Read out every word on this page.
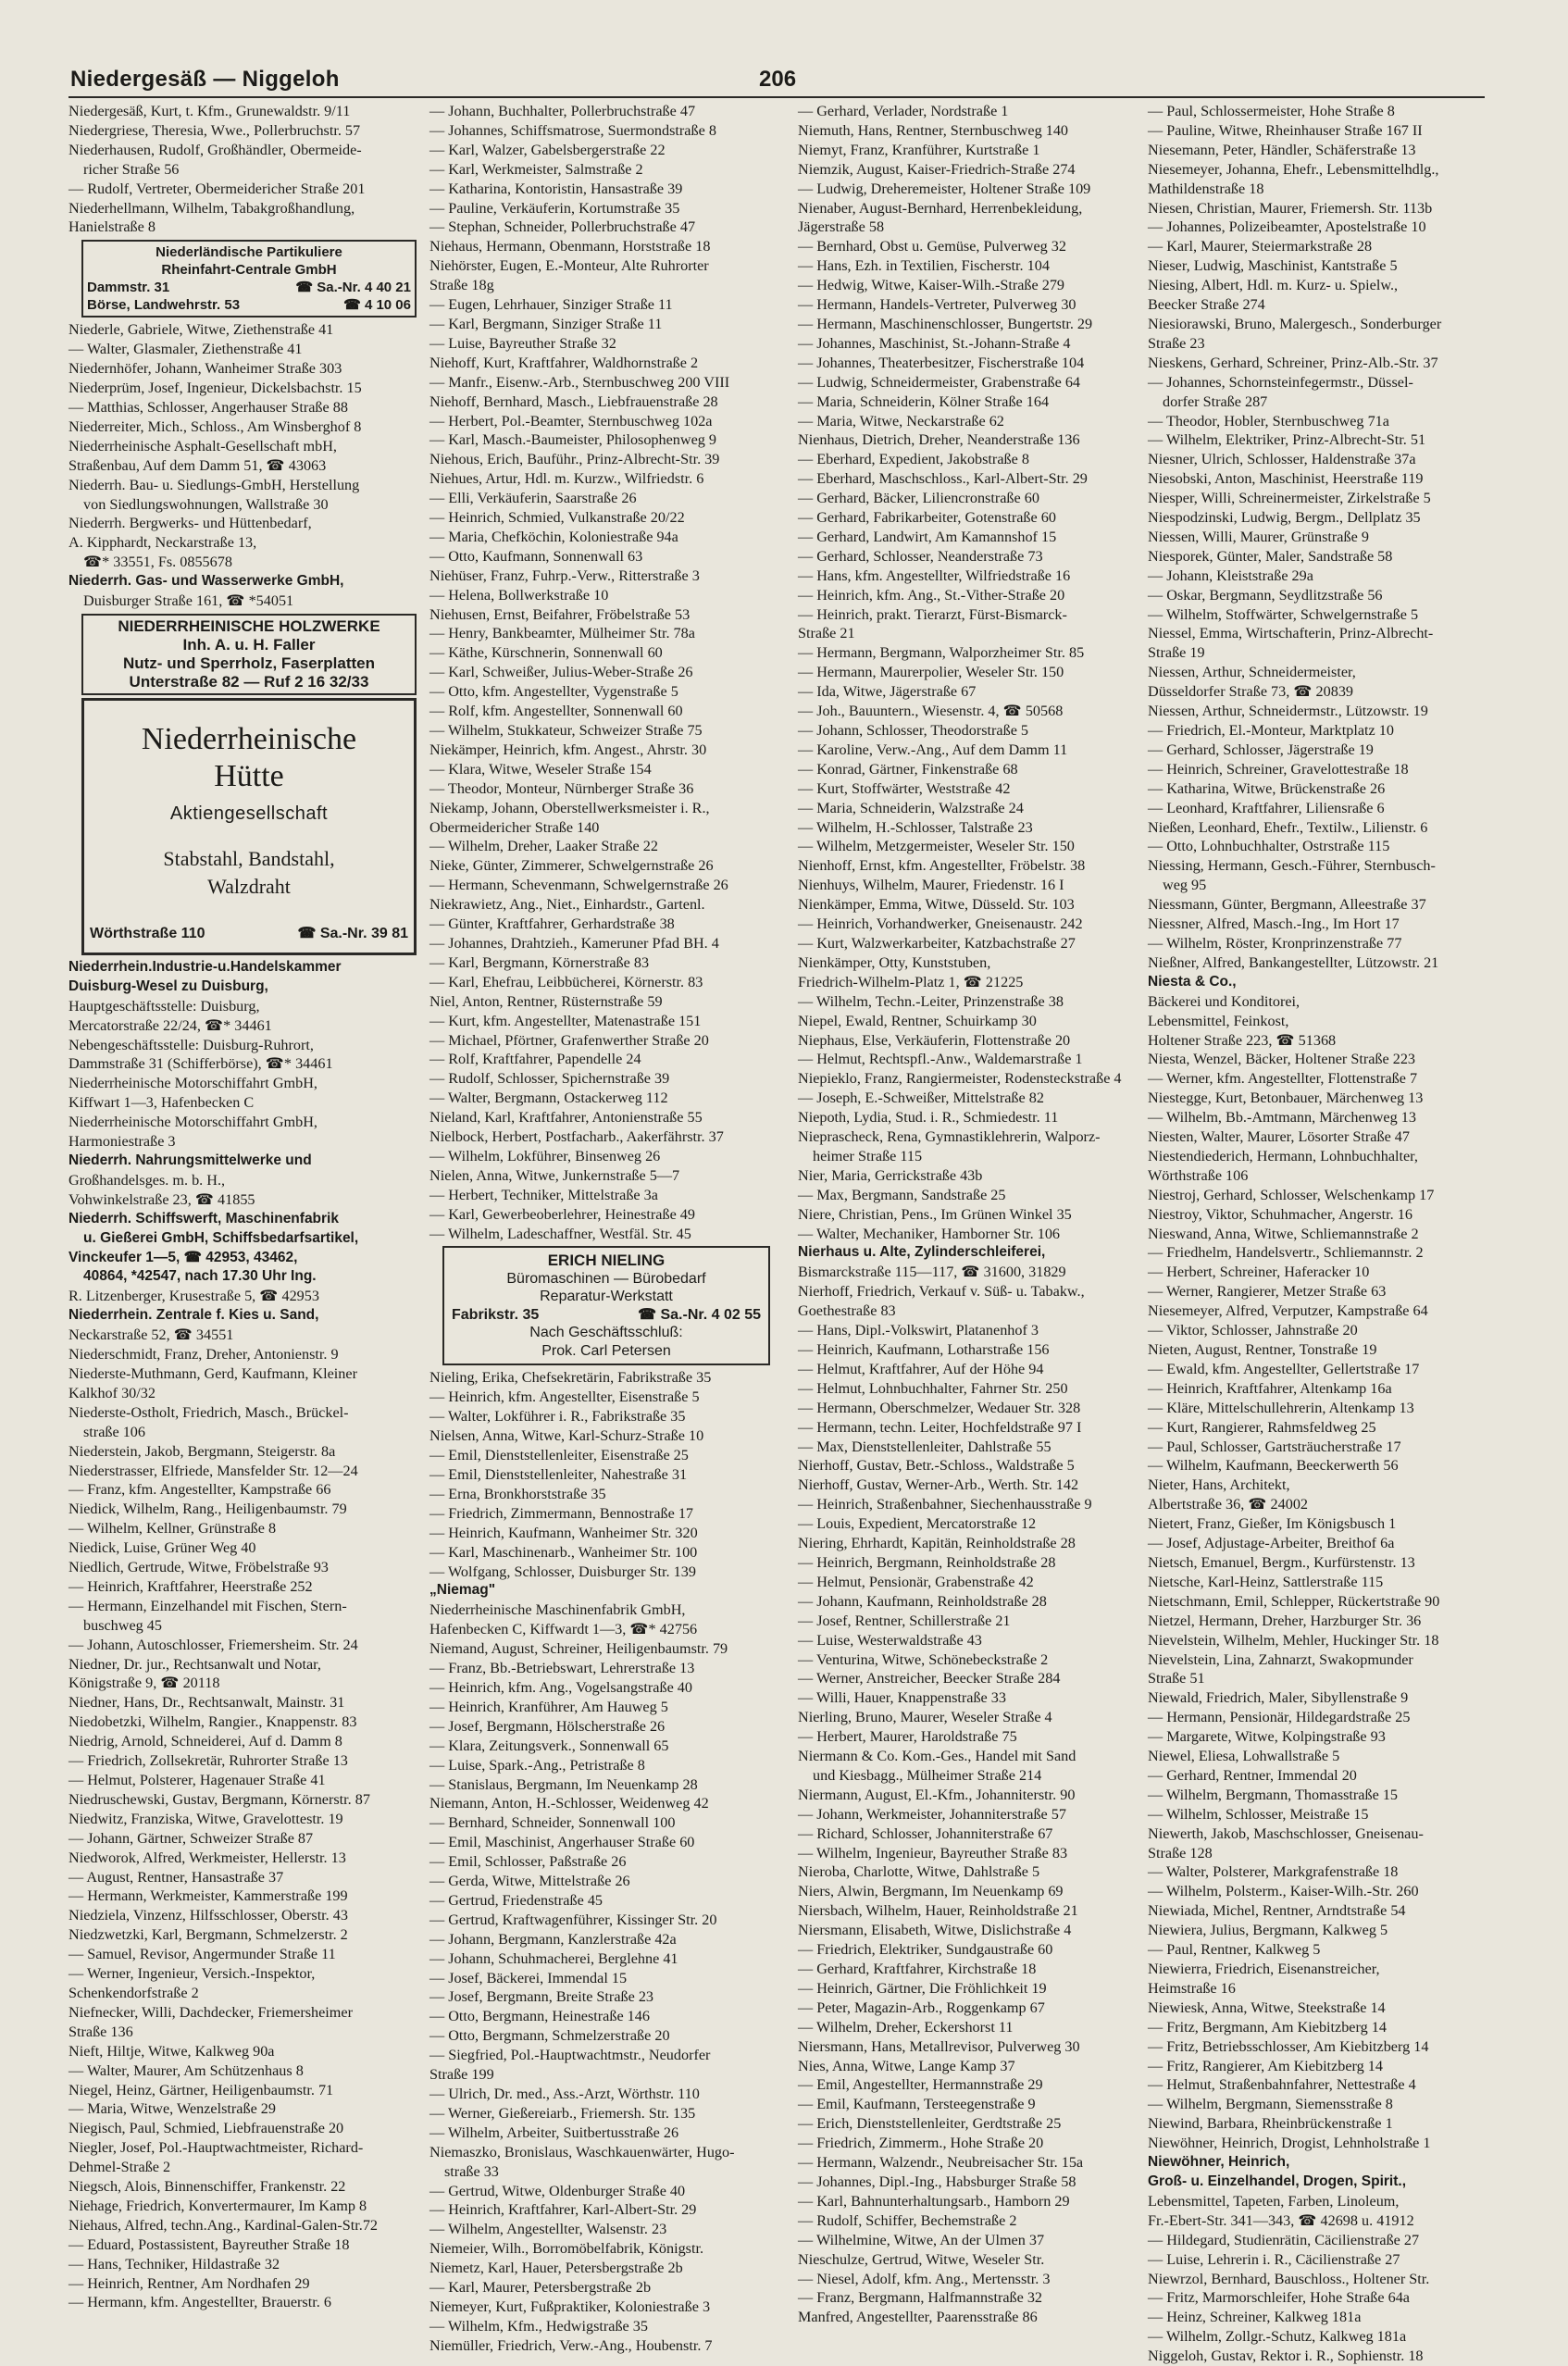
Niedergesäß — Niggeloh	206
Niedergesäß, Kurt, t. Kfm., Grunewaldstr. 9/11
Niedergriese, Theresia, Wwe., Pollerbruchstr. 57
Niederhausen, Rudolf, Großhändler, Obermeide-
richer Straße 56
— Rudolf, Vertreter, Obermeidericher Straße 201
Niederhellmann, Wilhelm, Tabakgroßhandlung,
Hanielstraße 8
Niederländische Partikuliere
Rheinfahrt-Centrale GmbH
Dammstr. 31	☎ Sa.-Nr. 4 40 21
Börse, Landwehrstr. 53	☎ 4 10 06
Niederle, Gabriele, Witwe, Ziethenstraße 41
— Walter, Glasmaler, Ziethenstraße 41
Niedernhöfer, Johann, Wanheimer Straße 303
Niederprüm, Josef, Ingenieur, Dickelsbachstr. 15
— Matthias, Schlosser, Angerhauser Straße 88
Niederreiter, Mich., Schloss., Am Winsberghof 8
Niederrheinische Asphalt-Gesellschaft mbH,
Straßenbau, Auf dem Damm 51, ☎ 43063
Niederrh. Bau- u. Siedlungs-GmbH, Herstellung
von Siedlungswohnungen, Wallstraße 30
Niederrh. Bergwerks- und Hüttenbedarf,
A. Kipphardt, Neckarstraße 13,
☎* 33551, Fs. 0855678
Niederrh. Gas- und Wasserwerke GmbH,
Duisburger Straße 161, ☎ *54051
NIEDERRHEINISCHE HOLZWERKE
Inh. A. u. H. Faller
Nutz- und Sperrholz, Faserplatten
Unterstraße 82 — Ruf 2 16 32/33
Niederrheinische
Hütte
Aktiengesellschaft
Stabstahl, Bandstahl,
Walzdraht
Wörthstraße 110	☎ Sa.-Nr. 39 81
Niederrhein.Industrie-u.Handelskammer
Duisburg-Wesel zu Duisburg,
Hauptgeschäftsstelle: Duisburg,
Mercatorstraße 22/24, ☎* 34461
Nebengeschäftsstelle: Duisburg-Ruhrort,
Dammstraße 31 (Schifferbörse), ☎* 34461
Niederrheinische Motorschiffahrt GmbH,
Kiffwart 1—3, Hafenbecken C
Niederrheinische Motorschiffahrt GmbH,
Harmoniestraße 3
Niederrh. Nahrungsmittelwerke und
Großhandelsges. m. b. H.,
Vohwinkelstraße 23, ☎ 41855
Niederrh. Schiffswerft, Maschinenfabrik
u. Gießerei GmbH, Schiffsbedarfsartikel,
Vinckeufer 1—5, ☎ 42953, 43462,
40864, *42547, nach 17.30 Uhr Ing.
R. Litzenberger, Krusestraße 5, ☎ 42953
Niederrhein. Zentrale f. Kies u. Sand,
Neckarstraße 52, ☎ 34551
Niederschmidt, Franz, Dreher, Antonienstr. 9
Niederste-Muthmann, Gerd, Kaufmann, Kleiner
Kalkhof 30/32
Niederste-Ostholt, Friedrich, Masch., Brückel-
straße 106
Niederstein, Jakob, Bergmann, Steigerstr. 8a
Niederstrasser, Elfriede, Mansfelder Str. 12—24
— Franz, kfm. Angestellter, Kampstraße 66
Niedick, Wilhelm, Rang., Heiligenbaumstr. 79
— Wilhelm, Kellner, Grünstraße 8
Niedick, Luise, Grüner Weg 40
Niedlich, Gertrude, Witwe, Fröbelstraße 93
— Heinrich, Kraftfahrer, Heerstraße 252
— Hermann, Einzelhandel mit Fischen, Stern-
buschweg 45
— Johann, Autoschlosser, Friemersheim. Str. 24
Niedner, Dr. jur., Rechtsanwalt und Notar,
Königstraße 9, ☎ 20118
Niedner, Hans, Dr., Rechtsanwalt, Mainstr. 31
Niedobetzki, Wilhelm, Rangier., Knappenstr. 83
Niedrig, Arnold, Schneiderei, Auf d. Damm 8
— Friedrich, Zollsekretär, Ruhrorter Straße 13
— Helmut, Polsterer, Hagenauer Straße 41
Niedruschewski, Gustav, Bergmann, Körnerstr. 87
Niedwitz, Franziska, Witwe, Gravelottestr. 19
— Johann, Gärtner, Schweizer Straße 87
Niedworok, Alfred, Werkmeister, Hellerstr. 13
— August, Rentner, Hansastraße 37
— Hermann, Werkmeister, Kammerstraße 199
Niedziela, Vinzenz, Hilfsschlosser, Oberstr. 43
Niedzwetzki, Karl, Bergmann, Schmelzerstr. 2
— Samuel, Revisor, Angermunder Straße 11
— Werner, Ingenieur, Versich.-Inspektor,
Schenkendorfstraße 2
Niefnecker, Willi, Dachdecker, Friemersheimer
Straße 136
Nieft, Hiltje, Witwe, Kalkweg 90a
— Walter, Maurer, Am Schützenhaus 8
Niegel, Heinz, Gärtner, Heiligenbaumstr. 71
— Maria, Witwe, Wenzelstraße 29
Niegisch, Paul, Schmied, Liebfrauenstraße 20
Niegler, Josef, Pol.-Hauptwachtmeister, Richard-
Dehmel-Straße 2
Niegsch, Alois, Binnenschiffer, Frankenstr. 22
Niehage, Friedrich, Konvertermaurer, Im Kamp 8
Niehaus, Alfred, techn.Ang., Kardinal-Galen-Str.72
— Eduard, Postassistent, Bayreuther Straße 18
— Hans, Techniker, Hildastraße 32
— Heinrich, Rentner, Am Nordhafen 29
— Hermann, kfm. Angestellter, Brauerstr. 6
— Johann, Buchhalter, Pollerbruchstraße 47
— Johannes, Schiffsmatrose, Suermondstraße 8
— Karl, Walzer, Gabelsbergerstraße 22
— Karl, Werkmeister, Salmstraße 2
— Katharina, Kontoristin, Hansastraße 39
— Pauline, Verkäuferin, Kortumstraße 35
— Stephan, Schneider, Pollerbruchstraße 47
Niehaus, Hermann, Obenmann, Horststraße 18
Niehörster, Eugen, E.-Monteur, Alte Ruhrorter
Straße 18g
— Eugen, Lehrhauer, Sinziger Straße 11
— Karl, Bergmann, Sinziger Straße 11
— Luise, Bayreuther Straße 32
Niehoff, Kurt, Kraftfahrer, Waldhornstraße 2
— Manfr., Eisenw.-Arb., Sternbuschweg 200 VIII
Niehoff, Bernhard, Masch., Liebfrauenstraße 28
— Herbert, Pol.-Beamter, Sternbuschweg 102a
— Karl, Masch.-Baumeister, Philosophenweg 9
Niehous, Erich, Bauführ., Prinz-Albrecht-Str. 39
Niehues, Artur, Hdl. m. Kurzw., Wilfriedstr. 6
— Elli, Verkäuferin, Saarstraße 26
— Heinrich, Schmied, Vulkanstraße 20/22
— Maria, Chefköchin, Koloniestraße 94a
— Otto, Kaufmann, Sonnenwall 63
Niehüser, Franz, Fuhrp.-Verw., Ritterstraße 3
— Helena, Bollwerkstraße 10
Niehusen, Ernst, Beifahrer, Fröbelstraße 53
— Henry, Bankbeamter, Mülheimer Str. 78a
— Käthe, Kürschnerin, Sonnenwall 60
— Karl, Schweißer, Julius-Weber-Straße 26
— Otto, kfm. Angestellter, Vygenstraße 5
— Rolf, kfm. Angestellter, Sonnenwall 60
— Wilhelm, Stukkateur, Schweizer Straße 75
Niekämper, Heinrich, kfm. Angest., Ahrstr. 30
— Klara, Witwe, Weseler Straße 154
— Theodor, Monteur, Nürnberger Straße 36
Niekamp, Johann, Oberstellwerksmeister i. R.,
Obermeidericher Straße 140
— Wilhelm, Dreher, Laaker Straße 22
Nieke, Günter, Zimmerer, Schwelgernstraße 26
— Hermann, Schevenmann, Schwelgernstraße 26
Niekrawietz, Ang., Niet., Einhardstr., Gartenl.
— Günter, Kraftfahrer, Gerhardstraße 38
— Johannes, Drahtzieh., Kameruner Pfad BH. 4
— Karl, Bergmann, Körnerstraße 83
— Karl, Ehefrau, Leibbücherei, Körnerstr. 83
Niel, Anton, Rentner, Rüsternstraße 59
— Kurt, kfm. Angestellter, Matenastraße 151
— Michael, Pförtner, Grafenwerther Straße 20
— Rolf, Kraftfahrer, Papendelle 24
— Rudolf, Schlosser, Spichernstraße 39
— Walter, Bergmann, Ostackerweg 112
Nieland, Karl, Kraftfahrer, Antonienstraße 55
Nielbock, Herbert, Postfacharb., Aakerfährstr. 37
— Wilhelm, Lokführer, Binsenweg 26
Nielen, Anna, Witwe, Junkernstraße 5—7
— Herbert, Techniker, Mittelstraße 3a
— Karl, Gewerbeoberlehrer, Heinestraße 49
— Wilhelm, Ladeschaffner, Westfäl. Str. 45
ERICH NIELING
Büromaschinen — Bürobedarf
Reparatur-Werkstatt
Fabrikstr. 35	☎ Sa.-Nr. 4 02 55
Nach Geschäftsschluß:
Prok. Carl Petersen
Nieling, Erika, Chefsekretärin, Fabrikstraße 35
— Heinrich, kfm. Angestellter, Eisenstraße 5
— Walter, Lokführer i. R., Fabrikstraße 35
Nielsen, Anna, Witwe, Karl-Schurz-Straße 10
— Emil, Dienststellenleiter, Eisenstraße 25
— Emil, Dienststellenleiter, Nahestraße 31
— Erna, Bronkhorststraße 35
— Friedrich, Zimmermann, Bennostraße 17
— Heinrich, Kaufmann, Wanheimer Str. 320
— Karl, Maschinenarb., Wanheimer Str. 100
— Wolfgang, Schlosser, Duisburger Str. 139
„Niemag"
Niederrheinische Maschinenfabrik GmbH,
Hafenbecken C, Kiffwardt 1—3, ☎* 42756
Niemand, August, Schreiner, Heiligenbaumstr. 79
— Franz, Bb.-Betriebswart, Lehrerstraße 13
— Heinrich, kfm. Ang., Vogelsangstraße 40
— Heinrich, Kranführer, Am Hauweg 5
— Josef, Bergmann, Hölscherstraße 26
— Klara, Zeitungsverk., Sonnenwall 65
— Luise, Spark.-Ang., Petristraße 8
— Stanislaus, Bergmann, Im Neuenkamp 28
Niemann, Anton, H.-Schlosser, Weidenweg 42
— Bernhard, Schneider, Sonnenwall 100
— Emil, Maschinist, Angerhauser Straße 60
— Emil, Schlosser, Paßstraße 26
— Gerda, Witwe, Mittelstraße 26
— Gertrud, Friedenstraße 45
— Gertrud, Kraftwagenführer, Kissinger Str. 20
— Johann, Bergmann, Kanzlerstraße 42a
— Johann, Schuhmacherei, Berglehne 41
— Josef, Bäckerei, Immendal 15
— Josef, Bergmann, Breite Straße 23
— Otto, Bergmann, Heinestraße 146
— Otto, Bergmann, Schmelzerstraße 20
— Siegfried, Pol.-Hauptwachtmstr., Neudorfer
Straße 199
— Ulrich, Dr. med., Ass.-Arzt, Wörthstr. 110
— Werner, Gießereiarb., Friemersh. Str. 135
— Wilhelm, Arbeiter, Suitbertusstraße 26
Niemaszko, Bronislaus, Waschkauenwärter, Hugo-
straße 33
— Gertrud, Witwe, Oldenburger Straße 40
— Heinrich, Kraftfahrer, Karl-Albert-Str. 29
— Wilhelm, Angestellter, Walsenstr. 23
Niemeier, Wilh., Borromöbelfabrik, Königstr.
Niemetz, Karl, Hauer, Petersbergstraße 2b
— Karl, Maurer, Petersbergstraße 2b
Niemeyer, Kurt, Fußpraktiker, Koloniestraße 3
— Wilhelm, Kfm., Hedwigstraße 35
Niemüller, Friedrich, Verw.-Ang., Houbenstr. 7
— Gerhard, Verlader, Nordstraße 1
Niemuth, Hans, Rentner, Sternbuschweg 140
Niemyt, Franz, Kranführer, Kurtstraße 1
Niemzik, August, Kaiser-Friedrich-Straße 274
— Ludwig, Dreheremeister, Holtener Straße 109
Nienaber, August-Bernhard, Herrenbekleidung,
Jägerstraße 58
— Bernhard, Obst u. Gemüse, Pulverweg 32
— Hans, Ezh. in Textilien, Fischerstr. 104
— Hedwig, Witwe, Kaiser-Wilh.-Straße 279
— Hermann, Handels-Vertreter, Pulverweg 30
— Hermann, Maschinenschlosser, Bungertstr. 29
— Johannes, Maschinist, St.-Johann-Straße 4
— Johannes, Theaterbesitzer, Fischerstraße 104
— Ludwig, Schneidermeister, Grabenstraße 64
— Maria, Schneiderin, Kölner Straße 164
— Maria, Witwe, Neckarstraße 62
Nienhaus, Dietrich, Dreher, Neanderstraße 136
— Eberhard, Expedient, Jakobstraße 8
— Eberhard, Maschschloss., Karl-Albert-Str. 29
— Gerhard, Bäcker, Liliencronstraße 60
— Gerhard, Fabrikarbeiter, Gotenstraße 60
— Gerhard, Landwirt, Am Kamannshof 15
— Gerhard, Schlosser, Neanderstraße 73
— Hans, kfm. Angestellter, Wilfriedstraße 16
— Heinrich, kfm. Ang., St.-Vither-Straße 20
— Heinrich, prakt. Tierarzt, Fürst-Bismarck-
Straße 21
— Hermann, Bergmann, Walporzheimer Str. 85
— Hermann, Maurerpolier, Weseler Str. 150
— Ida, Witwe, Jägerstraße 67
— Joh., Bauuntern., Wiesenstr. 4, ☎ 50568
— Johann, Schlosser, Theodorstraße 5
— Karoline, Verw.-Ang., Auf dem Damm 11
— Konrad, Gärtner, Finkenstraße 68
— Kurt, Stoffwärter, Weststraße 42
— Maria, Schneiderin, Walzstraße 24
— Wilhelm, H.-Schlosser, Talstraße 23
— Wilhelm, Metzgermeister, Weseler Str. 150
Nienhoff, Ernst, kfm. Angestellter, Fröbelstr. 38
Nienhuys, Wilhelm, Maurer, Friedenstr. 16 I
Nienkämper, Emma, Witwe, Düsseld. Str. 103
— Heinrich, Vorhandwerker, Gneisenaustr. 242
— Kurt, Walzwerkarbeiter, Katzbachstraße 27
Nienkämper, Otty, Kunststuben,
Friedrich-Wilhelm-Platz 1, ☎ 21225
— Wilhelm, Techn.-Leiter, Prinzenstraße 38
Niepel, Ewald, Rentner, Schuirkamp 30
Niephaus, Else, Verkäuferin, Flottenstraße 20
— Helmut, Rechtspfl.-Anw., Waldemarstraße 1
Niepieklo, Franz, Rangiermeister, Rodensteckstraße 4
— Joseph, E.-Schweißer, Mittelstraße 82
Niepoth, Lydia, Stud. i. R., Schmiedestr. 11
Nieprascheck, Rena, Gymnastiklehrerin, Walporz-
heimer Straße 115
Nier, Maria, Gerrickstraße 43b
— Max, Bergmann, Sandstraße 25
Niere, Christian, Pens., Im Grünen Winkel 35
— Walter, Mechaniker, Hamborner Str. 106
Nierhaus u. Alte, Zylinderschleiferei,
Bismarckstraße 115—117, ☎ 31600, 31829
Nierhoff, Friedrich, Verkauf v. Süß- u. Tabakw.,
Goethestraße 83
— Hans, Dipl.-Volkswirt, Platanenhof 3
— Heinrich, Kaufmann, Lotharstraße 156
— Helmut, Kraftfahrer, Auf der Höhe 94
— Helmut, Lohnbuchhalter, Fahrner Str. 250
— Hermann, Oberschmelzer, Wedauer Str. 328
— Hermann, techn. Leiter, Hochfeldstraße 97 I
— Max, Dienststellenleiter, Dahlstraße 55
Nierhoff, Gustav, Betr.-Schloss., Waldstraße 5
Nierhoff, Gustav, Werner-Arb., Werth. Str. 142
— Heinrich, Straßenbahner, Siechenhausstraße 9
— Louis, Expedient, Mercatorstraße 12
Niering, Ehrhardt, Kapitän, Reinholdstraße 28
— Heinrich, Bergmann, Reinholdstraße 28
— Helmut, Pensionär, Grabenstraße 42
— Johann, Kaufmann, Reinholdstraße 28
— Josef, Rentner, Schillerstraße 21
— Luise, Westerwaldstraße 43
— Venturina, Witwe, Schönebeckstraße 2
— Werner, Anstreicher, Beecker Straße 284
— Willi, Hauer, Knappenstraße 33
Nierling, Bruno, Maurer, Weseler Straße 4
— Herbert, Maurer, Haroldstraße 75
Niermann & Co. Kom.-Ges., Handel mit Sand
und Kiesbagg., Mülheimer Straße 214
Niermann, August, El.-Kfm., Johanniterstr. 90
— Johann, Werkmeister, Johanniterstraße 57
— Richard, Schlosser, Johanniterstraße 67
— Wilhelm, Ingenieur, Bayreuther Straße 83
Nieroba, Charlotte, Witwe, Dahlstraße 5
Niers, Alwin, Bergmann, Im Neuenkamp 69
Niersbach, Wilhelm, Hauer, Reinholdstraße 21
Niersmann, Elisabeth, Witwe, Dislichstraße 4
— Friedrich, Elektriker, Sundgaustraße 60
— Gerhard, Kraftfahrer, Kirchstraße 18
— Heinrich, Gärtner, Die Fröhlichkeit 19
— Peter, Magazin-Arb., Roggenkamp 67
— Wilhelm, Dreher, Eckershorst 11
Niersmann, Hans, Metallrevisor, Pulverweg 30
Nies, Anna, Witwe, Lange Kamp 37
— Emil, Angestellter, Hermannstraße 29
— Emil, Kaufmann, Tersteegenstraße 9
— Erich, Dienststellenleiter, Gerdtstraße 25
— Friedrich, Zimmerm., Hohe Straße 20
— Hermann, Walzendr., Neubreisacher Str. 15a
— Johannes, Dipl.-Ing., Habsburger Straße 58
— Karl, Bahnunterhaltungsarb., Hamborn 29
— Rudolf, Schiffer, Bechemstraße 2
— Wilhelmine, Witwe, An der Ulmen 37
Nieschulze, Gertrud, Witwe, Weseler Str.
— Niesel, Adolf, kfm. Ang., Mertensstr. 3
— Franz, Bergmann, Halfmannstraße 32
Manfred, Angestellter, Paarensstraße 86
— Paul, Schlossermeister, Hohe Straße 8
— Pauline, Witwe, Rheinhauser Straße 167 II
Niesemann, Peter, Händler, Schäferstraße 13
Niesemeyer, Johanna, Ehefr., Lebensmittelhdlg.,
Mathildenstraße 18
Niesen, Christian, Maurer, Friemersh. Str. 113b
— Johannes, Polizeibeamter, Apostelstraße 10
— Karl, Maurer, Steiermarkstraße 28
Nieser, Ludwig, Maschinist, Kantstraße 5
Niesing, Albert, Hdl. m. Kurz- u. Spielw.,
Beecker Straße 274
Niesiorawski, Bruno, Malergesch., Sonderburger
Straße 23
Nieskens, Gerhard, Schreiner, Prinz-Alb.-Str. 37
— Johannes, Schornsteinfegermstr., Düssel-
dorfer Straße 287
— Theodor, Hobler, Sternbuschweg 71a
— Wilhelm, Elektriker, Prinz-Albrecht-Str. 51
Niesner, Ulrich, Schlosser, Haldenstraße 37a
Niesobski, Anton, Maschinist, Heerstraße 119
Niesper, Willi, Schreinermeister, Zirkelstraße 5
Niespodzinski, Ludwig, Bergm., Dellplatz 35
Niessen, Willi, Maurer, Grünstraße 9
Niesporek, Günter, Maler, Sandstraße 58
— Johann, Kleiststraße 29a
— Oskar, Bergmann, Seydlitzstraße 56
— Wilhelm, Stoffwärter, Schwelgernstraße 5
Niessel, Emma, Wirtschafterin, Prinz-Albrecht-
Straße 19
Niessen, Arthur, Schneidermeister,
Düsseldorfer Straße 73, ☎ 20839
Niessen, Arthur, Schneidermstr., Lützowstr. 19
— Friedrich, El.-Monteur, Marktplatz 10
— Gerhard, Schlosser, Jägerstraße 19
— Heinrich, Schreiner, Gravelottestraße 18
— Katharina, Witwe, Brückenstraße 26
— Leonhard, Kraftfahrer, Liliensraße 6
Nießen, Leonhard, Ehefr., Textilw., Lilienstr. 6
— Otto, Lohnbuchhalter, Ostrstraße 115
Niessing, Hermann, Gesch.-Führer, Sternbusch-
weg 95
Niessmann, Günter, Bergmann, Alleestraße 37
Niessner, Alfred, Masch.-Ing., Im Hort 17
— Wilhelm, Röster, Kronprinzenstraße 77
Nießner, Alfred, Bankangestellter, Lützowstr. 21
Niesta & Co.,
Bäckerei und Konditorei,
Lebensmittel, Feinkost,
Holtener Straße 223, ☎ 51368
Niesta, Wenzel, Bäcker, Holtener Straße 223
— Werner, kfm. Angestellter, Flottenstraße 7
Niestegge, Kurt, Betonbauer, Märchenweg 13
— Wilhelm, Bb.-Amtmann, Märchenweg 13
Niesten, Walter, Maurer, Lösorter Straße 47
Niestendiederich, Hermann, Lohnbuchhalter,
Wörthstraße 106
Niestroj, Gerhard, Schlosser, Welschenkamp 17
Niestroy, Viktor, Schuhmacher, Angerstr. 16
Nieswand, Anna, Witwe, Schliemannstraße 2
— Friedhelm, Handelsvertr., Schliemannstr. 2
— Herbert, Schreiner, Haferacker 10
— Werner, Rangierer, Metzer Straße 63
Niesemeyer, Alfred, Verputzer, Kampstraße 64
— Viktor, Schlosser, Jahnstraße 20
Nieten, August, Rentner, Tonstraße 19
— Ewald, kfm. Angestellter, Gellertstraße 17
— Heinrich, Kraftfahrer, Altenkamp 16a
— Kläre, Mittelschullehrerin, Altenkamp 13
— Kurt, Rangierer, Rahmsfeldweg 25
— Paul, Schlosser, Gartsträucherstraße 17
— Wilhelm, Kaufmann, Beeckerwerth 56
Nieter, Hans, Architekt,
Albertstraße 36, ☎ 24002
Nietert, Franz, Gießer, Im Königsbusch 1
— Josef, Adjustage-Arbeiter, Breithof 6a
Nietsch, Emanuel, Bergm., Kurfürstenstr. 13
Nietsche, Karl-Heinz, Sattlerstraße 115
Nietschmann, Emil, Schlepper, Rückertstraße 90
Nietzel, Hermann, Dreher, Harzburger Str. 36
Nievelstein, Wilhelm, Mehler, Huckinger Str. 18
Nievelstein, Lina, Zahnarzt, Swakopmunder
Straße 51
Niewald, Friedrich, Maler, Sibyllenstraße 9
— Hermann, Pensionär, Hildegardstraße 25
— Margarete, Witwe, Kolpingstraße 93
Niewel, Eliesa, Lohwallstraße 5
— Gerhard, Rentner, Immendal 20
— Wilhelm, Bergmann, Thomasstraße 15
— Wilhelm, Schlosser, Meistraße 15
Niewerth, Jakob, Maschschlosser, Gneisenau-
Straße 128
— Walter, Polsterer, Markgrafenstraße 18
— Wilhelm, Polsterm., Kaiser-Wilh.-Str. 260
Niewiada, Michel, Rentner, Arndtstraße 54
Niewiera, Julius, Bergmann, Kalkweg 5
— Paul, Rentner, Kalkweg 5
Niewierra, Friedrich, Eisenanstreicher,
Heimstraße 16
Niewiesk, Anna, Witwe, Steekstraße 14
— Fritz, Bergmann, Am Kiebitzberg 14
— Fritz, Betriebsschlosser, Am Kiebitzberg 14
— Fritz, Rangierer, Am Kiebitzberg 14
— Helmut, Straßenbahnfahrer, Nettestraße 4
— Wilhelm, Bergmann, Siemensstraße 8
Niewind, Barbara, Rheinbrückenstraße 1
Niewöhner, Heinrich, Drogist, Lehnholstraße 1
Niewöhner, Heinrich,
Groß- u. Einzelhandel, Drogen, Spirit.,
Lebensmittel, Tapeten, Farben, Linoleum,
Fr.-Ebert-Str. 341—343, ☎ 42698 u. 41912
— Hildegard, Studienrätin, Cäcilienstraße 27
— Luise, Lehrerin i. R., Cäcilienstraße 27
Niewrzol, Bernhard, Bauschloss., Holtener Str.
— Fritz, Marmorschleifer, Hohe Straße 64a
— Heinz, Schreiner, Kalkweg 181a
— Wilhelm, Zollgr.-Schutz, Kalkweg 181a
Niggeloh, Gustav, Rektor i. R., Sophienstr. 18
